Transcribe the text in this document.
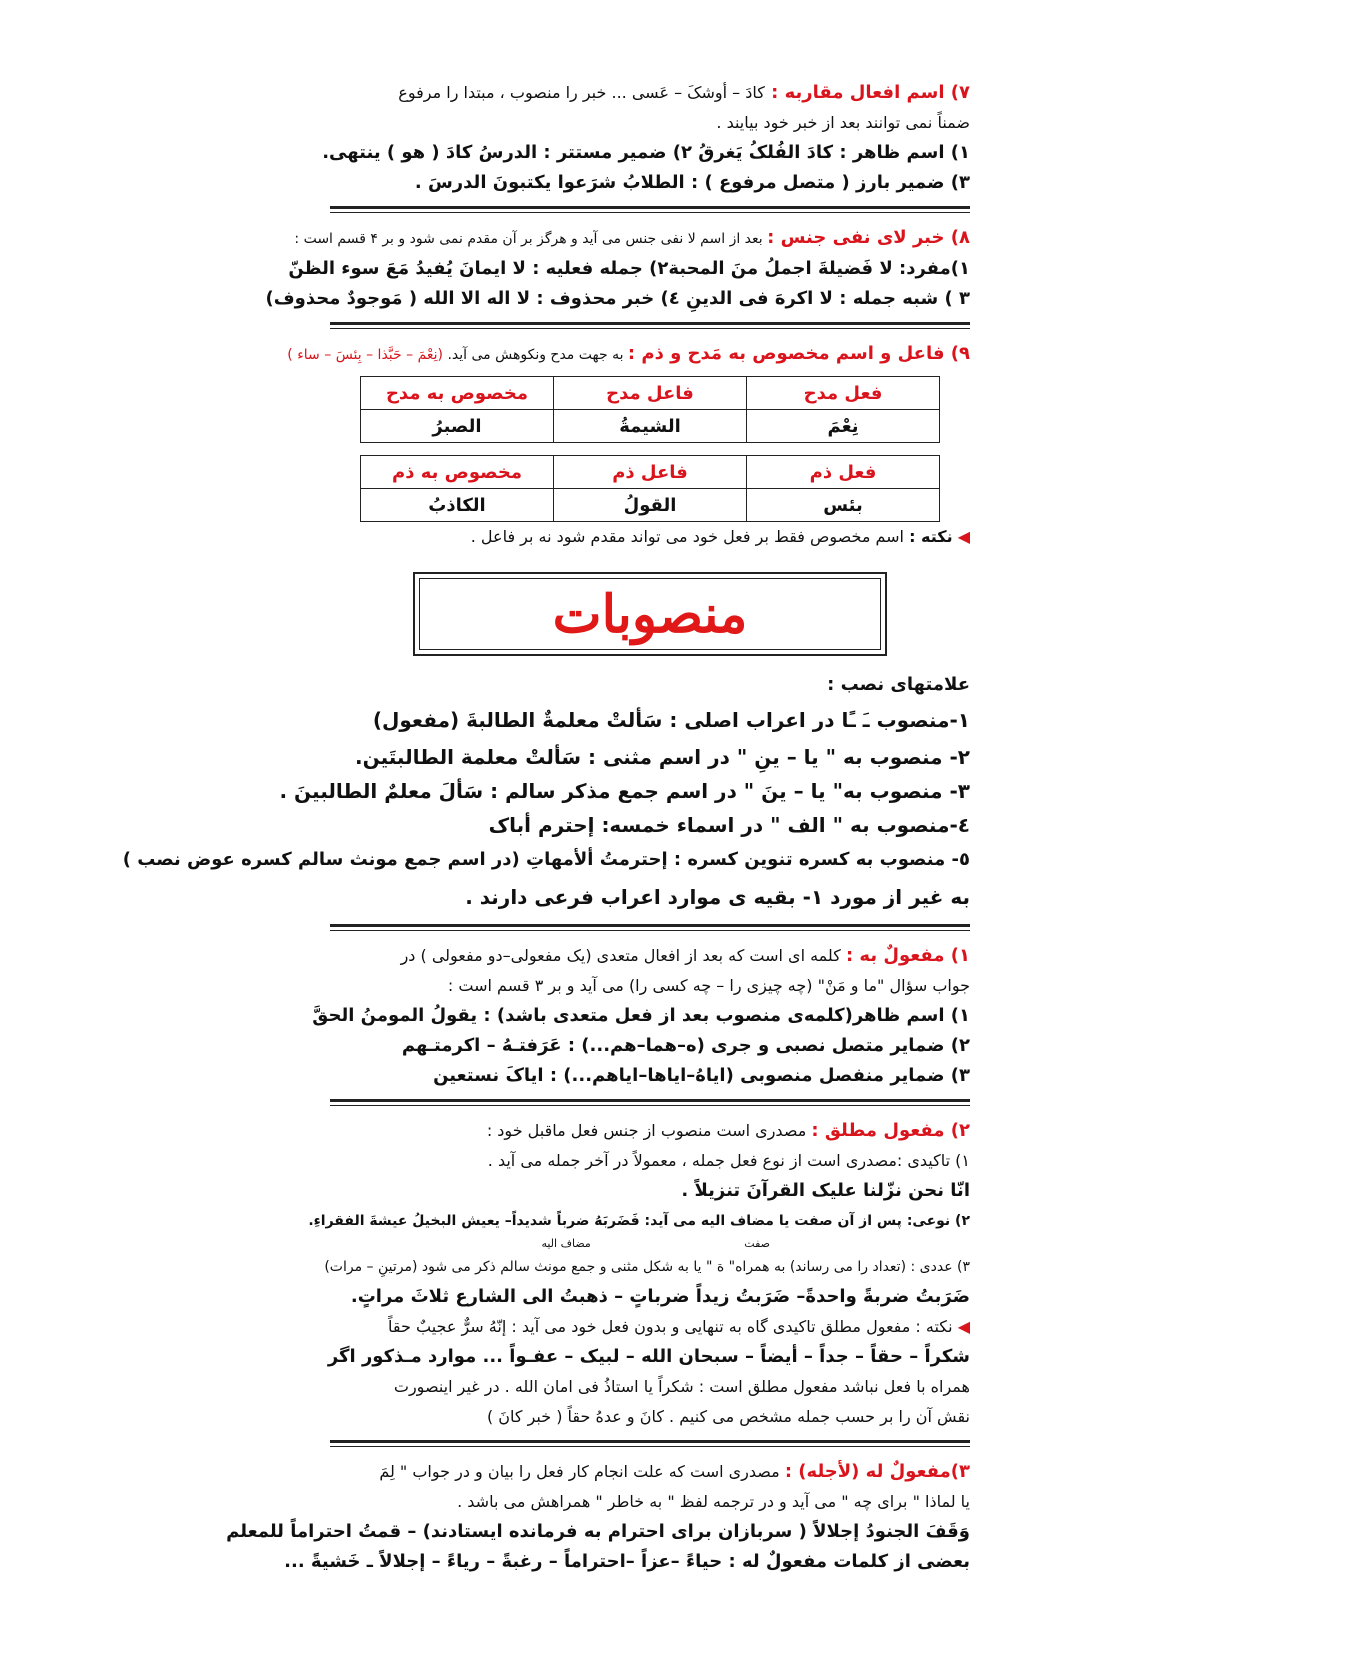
۷) اسم افعال مقاربه : کادَ – أوشکَ – عَسی ... خبر را منصوب ، مبتدا را مرفوع
ضمناً نمی توانند بعد از خبر خود بیایند .
۱) اسم ظاهر : کادَ الفُلکُ یَغرقُ ۲) ضمیر مستتر : الدرسُ کادَ ( هو ) ینتهی.
۳) ضمیر بارز ( متصل مرفوع ) : الطلابُ شرَعوا یکتبونَ الدرسَ .
۸) خبر لای نفی جنس : بعد از اسم لا نفی جنس می آید و هرگز بر آن مقدم نمی شود و بر ۴ قسم است :
۱)مفرد: لا فَضیلةَ اجملُ منَ المحبة۲) جمله فعلیه : لا ایمانَ یُفیدُ مَعَ سوء الظنّ
۳ ) شبه جمله : لا اکرهَ فی الدینِ ٤) خبر محذوف : لا اله الا الله ( مَوجودٌ محذوف)
۹) فاعل و اسم مخصوص به مَدح و ذم : به جهت مدح ونکوهش می آید. (نِعْمَ – حَبَّذا – بِئسَ – ساء )
فعل مدح	فاعل مدح	مخصوص به مدح
نِعْمَ	الشیمةُ	الصبرُ
فعل ذم	فاعل ذم	مخصوص به ذم
بئس	القولُ	الکاذبُ
◀ نکته : اسم مخصوص فقط بر فعل خود می تواند مقدم شود نه بر فاعل .
منصوبات
علامتهای نصب :
۱-منصوب ـَ ـًا در اعراب اصلی : سَألتْ معلمةٌ الطالبةَ (مفعول)
۲- منصوب به " یا – ینِ " در اسم مثنی : سَألتْ معلمة الطالبتَین.
۳- منصوب به" یا – ینَ " در اسم جمع مذکر سالم : سَألَ معلمٌ الطالبینَ .
٤-منصوب به " الف " در اسماء خمسه: إحترم أباک
٥- منصوب به کسره تنوین کسره : إحترمتُ ألأمهاتِ (در اسم جمع مونث سالم کسره عوض نصب )
به غیر از مورد ۱- بقیه ی موارد اعراب فرعی دارند .
۱) مفعولٌ به : کلمه ای است که بعد از افعال متعدی (یک مفعولی–دو مفعولی ) در
جواب سؤال "ما و مَنْ" (چه چیزی را – چه کسی را) می آید و بر ۳ قسم است :
۱) اسم ظاهر(کلمه‌ی منصوب بعد از فعل متعدی باشد) : یقولُ المومنُ الحقَّ
۲) ضمایر متصل نصبی و جری (ه–هما–هم...) : عَرَفتـهُ – اکرمتـهم
۳) ضمایر منفصل منصوبی (ایاهُ–ایاها–ایاهم...) : ایاکَ نستعین
۲) مفعول مطلق : مصدری است منصوب از جنس فعل ماقبل خود :
۱) تاکیدی :مصدری است از نوع فعل جمله ، معمولاً در آخر جمله می آید .
انّا نحن نزّلنا علیک القرآنَ تنزیلاً .
۲) نوعی: پس از آن صفت یا مضاف الیه می آید: فَضَربَهُ ضرباً شدیداً– یعیش البخیلُ عیشةَ الفقراءِ.
صفت مضاف الیه
۳) عددی : (تعداد را می رساند) به همراه" ة " یا به شکل مثنی و جمع مونث سالم ذکر می شود (مرتینِ – مرات)
ضَرَبتُ ضربةً واحدةً– ضَرَبتُ زیداً ضرباتٍ – ذهبتُ الی الشارع ثلاثَ مراتٍ.
◀ نکته : مفعول مطلق تاکیدی گاه به تنهایی و بدون فعل خود می آید : إنّهُ سرٌّ عجیبٌ حقاً
شکراً – حقاً – جداً – أیضاً – سبحان الله – لبیک – عفـواً ... موارد مـذکور اگر
همراه با فعل نباشد مفعول مطلق است : شکراً یا استاذُ فی امان الله . در غیر اینصورت
نقش آن را بر حسب جمله مشخص می کنیم . کانَ و عدهُ حقاً ( خبر کانَ )
۳)مفعولٌ له (لأجله) : مصدری است که علت انجام کار فعل را بیان و در جواب " لِمَ
یا لماذا " برای چه " می آید و در ترجمه لفظ " به خاطر " همراهش می باشد .
وَقَفَ الجنودُ إجلالاً ( سربازان برای احترام به فرمانده ایستادند) – قمتُ احتراماً للمعلم
بعضی از کلمات مفعولٌ له : حیاءً –عزاً –احتراماً – رغبةً – ریاءً – إجلالاً ـ خَشیةً ...
